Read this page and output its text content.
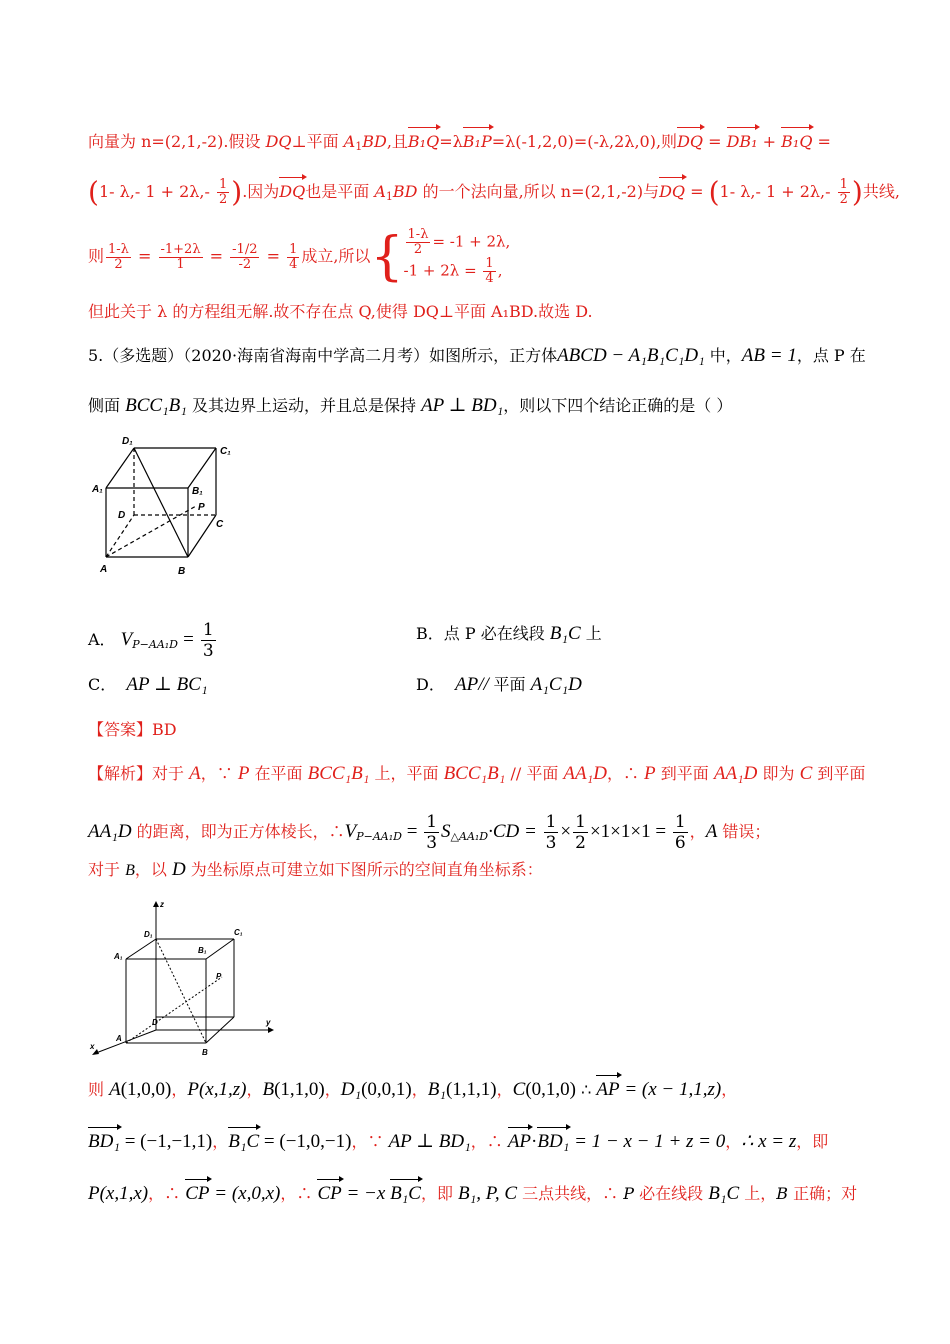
向量为 n=(2,1,-2).假设 DQ⊥平面 $A_1BD$,且B₁Q=λB₁P=λ(-1,2,0)=(-λ,2λ,0),则DQ = DB₁ + B₁Q =
(1- λ,- $1 + 2\lambda,- \frac{1}{2}$ ).因为DQ也是平面 $A_1BD$ 的一个法向量,所以 n=(2,1,-2)与DQ = (1- λ,- $1 + 2\lambda,- \frac{1}{2}$ )共线,
则 $\frac{1-\lambda}{2} = \frac{-1+2\lambda}{1} = \frac{-1/2}{-2} = \frac{1}{4}$ 成立,所以{ $\frac{1-\lambda}{2} = -1 + 2\lambda$,
$-1 + 2\lambda = \frac{1}{4}$ ,
但此关于 λ 的方程组无解.故不存在点 Q,使得 DQ⊥平面 A₁BD.故选 D.
5.（多选题）（2020·海南省海南中学高二月考）如图所示，正方体ABCD − A₁B₁C₁D₁ 中，AB = 1，点 P 在
侧面 BCC₁B₁ 及其边界上运动，并且总是保持 AP ⊥ BD₁，则以下四个结论正确的是（ ）
D₁
C₁
A₁	B₁
D
P
C
A	B
A． $V_{P-AA_1D} = \frac{1}{3}$	B．点 P 必在线段 B₁C 上
C． AP ⊥ BC₁	D． AP// 平面 A₁C₁D
【答案】BD
【解析】对于 A，∵ P 在平面 BCC₁B₁ 上，平面 BCC₁B₁ // 平面 AA₁D，∴ P 到平面 AA₁D 即为 C 到平面
AA₁D 的距离，即为正方体棱长，$\therefore V_{P-AA_1D} = \frac{1}{3} S_{\triangle AA_1D}\cdot CD = \frac{1}{3} \times \frac{1}{2} \times 1\times 1\times 1 = \frac{1}{6}$ ，A 错误；
对于 B，以 D 为坐标原点可建立如下图所示的空间直角坐标系：
z
D₁	C₁
A₁
B₁
P
y
D
A
B
x
则 A(1,0,0)，P(x,1,z)，B(1,1,0)，D₁(0,0,1)，B₁(1,1,1)，C(0,1,0) ∴ AP = (x − 1,1,z)，
BD₁ = (−1,−1,1)，B₁C = (−1,0,−1)，∵ AP ⊥ BD₁，∴ AP·BD₁ = 1 − x − 1 + z = 0，∴ x = z，即
P(x,1,x)，∴ CP = (x,0,x)，∴ CP = −x B₁C，即 B₁, P, C 三点共线，∴ P 必在线段 B₁C 上，B 正确；对
